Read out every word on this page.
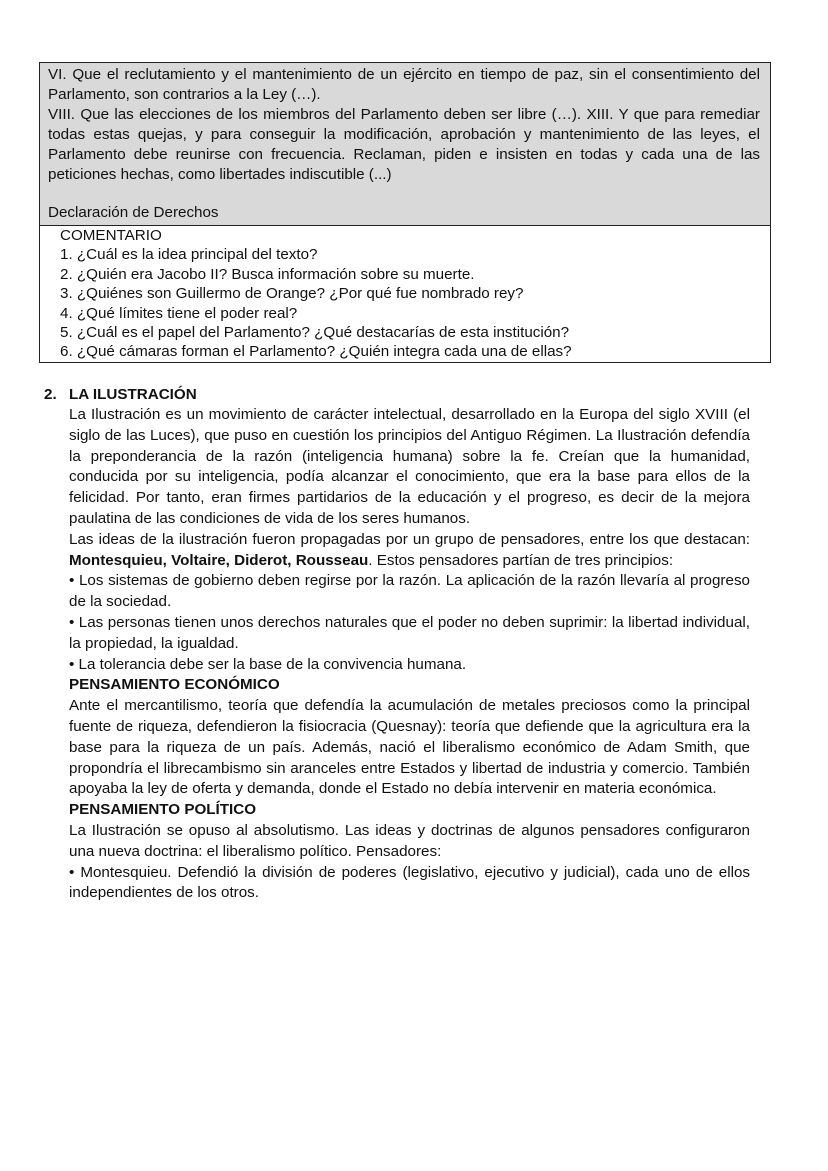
VI. Que el reclutamiento y el mantenimiento de un ejército en tiempo de paz, sin el consentimiento del Parlamento, son contrarios a la Ley (…).

VIII. Que las elecciones de los miembros del Parlamento deben ser libre (…). XIII. Y que para remediar todas estas quejas, y para conseguir la modificación, aprobación y mantenimiento de las leyes, el Parlamento debe reunirse con frecuencia. Reclaman, piden e insisten en todas y cada una de las peticiones hechas, como libertades indiscutible (...)

Declaración de Derechos

COMENTARIO
1. ¿Cuál es la idea principal del texto?
2. ¿Quién era Jacobo II? Busca información sobre su muerte.
3. ¿Quiénes son Guillermo de Orange? ¿Por qué fue nombrado rey?
4. ¿Qué límites tiene el poder real?
5. ¿Cuál es el papel del Parlamento? ¿Qué destacarías de esta institución?
6. ¿Qué cámaras forman el Parlamento? ¿Quién integra cada una de ellas?
2. LA ILUSTRACIÓN

La Ilustración es un movimiento de carácter intelectual, desarrollado en la Europa del siglo XVIII (el siglo de las Luces), que puso en cuestión los principios del Antiguo Régimen. La Ilustración defendía la preponderancia de la razón (inteligencia humana) sobre la fe. Creían que la humanidad, conducida por su inteligencia, podía alcanzar el conocimiento, que era la base para ellos de la felicidad. Por tanto, eran firmes partidarios de la educación y el progreso, es decir de la mejora paulatina de las condiciones de vida de los seres humanos.

Las ideas de la ilustración fueron propagadas por un grupo de pensadores, entre los que destacan: Montesquieu, Voltaire, Diderot, Rousseau. Estos pensadores partían de tres principios:

• Los sistemas de gobierno deben regirse por la razón. La aplicación de la razón llevaría al progreso de la sociedad.

• Las personas tienen unos derechos naturales que el poder no deben suprimir: la libertad individual, la propiedad, la igualdad.

• La tolerancia debe ser la base de la convivencia humana.

PENSAMIENTO ECONÓMICO

Ante el mercantilismo, teoría que defendía la acumulación de metales preciosos como la principal fuente de riqueza, defendieron la fisiocracia (Quesnay): teoría que defiende que la agricultura era la base para la riqueza de un país. Además, nació el liberalismo económico de Adam Smith, que propondría el librecambismo sin aranceles entre Estados y libertad de industria y comercio. También apoyaba la ley de oferta y demanda, donde el Estado no debía intervenir en materia económica.

PENSAMIENTO POLÍTICO

La Ilustración se opuso al absolutismo. Las ideas y doctrinas de algunos pensadores configuraron una nueva doctrina: el liberalismo político. Pensadores:

• Montesquieu. Defendió la división de poderes (legislativo, ejecutivo y judicial), cada uno de ellos independientes de los otros.
